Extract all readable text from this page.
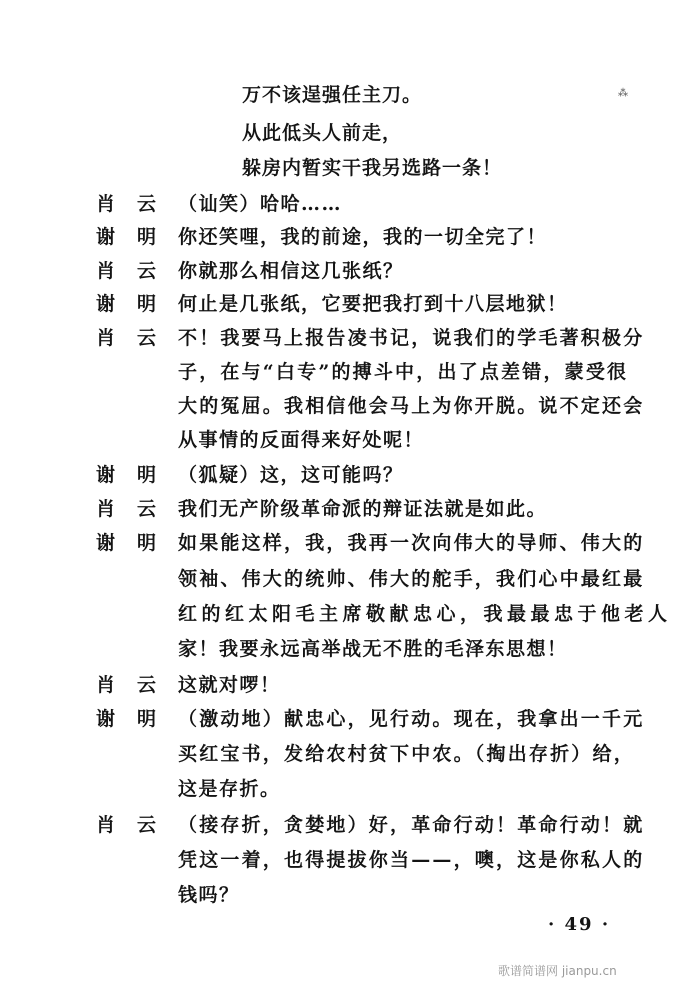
⁂
万不该逞强任主刀。
从此低头人前走，
躲房内暂实干我另选路一条！
肖云 （讪笑）哈哈……
谢明 你还笑哩，我的前途，我的一切全完了！
肖云 你就那么相信这几张纸？
谢明 何止是几张纸，它要把我打到十八层地狱！
肖云 不！我要马上报告凌书记，说我们的学毛著积极分
子，在与“白专”的搏斗中，出了点差错，蒙受很
大的冤屈。我相信他会马上为你开脱。说不定还会
从事情的反面得来好处呢！
谢明 （狐疑）这，这可能吗？
肖云 我们无产阶级革命派的辩证法就是如此。
谢明 如果能这样，我，我再一次向伟大的导师、伟大的
领袖、伟大的统帅、伟大的舵手，我们心中最红最
红的红太阳毛主席敬献忠心，我最最忠于他老人
家！我要永远高举战无不胜的毛泽东思想！
肖云 这就对啰！
谢明 （激动地）献忠心，见行动。现在，我拿出一千元
买红宝书，发给农村贫下中农。（掏出存折）给，
这是存折。
肖云 （接存折，贪婪地）好，革命行动！革命行动！就
凭这一着，也得提拔你当——，噢，这是你私人的
钱吗？
· 49 ·
歌谱简谱网 jianpu.cn
